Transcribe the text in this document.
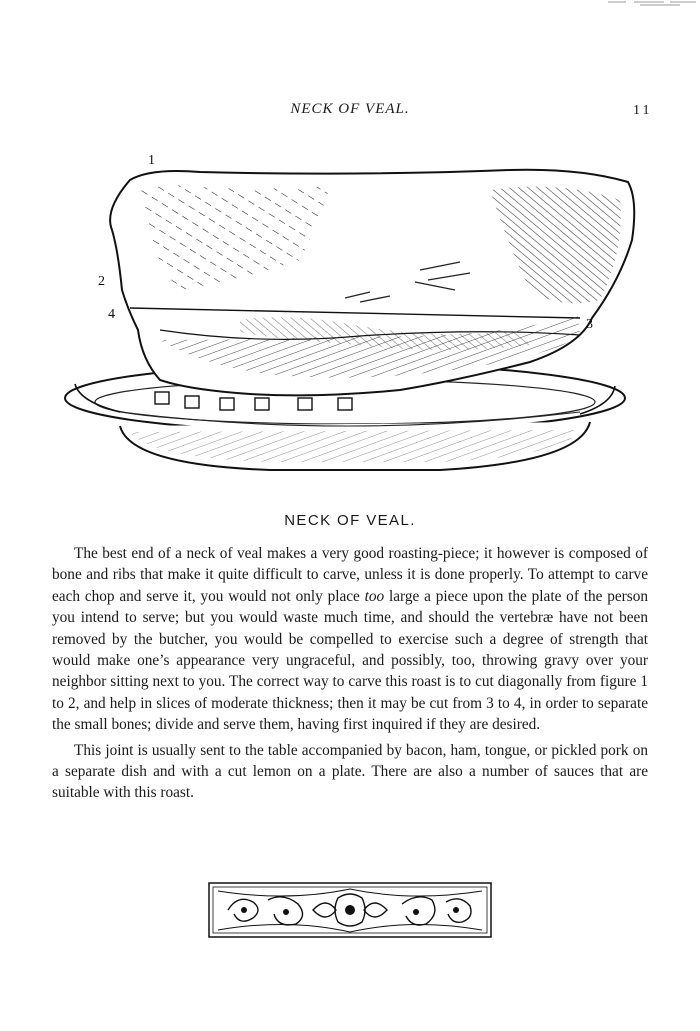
NECK OF VEAL.	11
1
2
3
4
NECK OF VEAL.

The best end of a neck of veal makes a very good roasting-piece; it however is composed of bone and ribs that make it quite difficult to carve, unless it is done properly. To attempt to carve each chop and serve it, you would not only place too large a piece upon the plate of the person you intend to serve; but you would waste much time, and should the vertebræ have not been removed by the butcher, you would be compelled to exercise such a degree of strength that would make one’s appearance very ungraceful, and possibly, too, throwing gravy over your neighbor sitting next to you. The correct way to carve this roast is to cut diagonally from figure 1 to 2, and help in slices of moderate thickness; then it may be cut from 3 to 4, in order to separate the small bones; divide and serve them, having first inquired if they are desired.

This joint is usually sent to the table accompanied by bacon, ham, tongue, or pickled pork on a separate dish and with a cut lemon on a plate. There are also a number of sauces that are suitable with this roast.
